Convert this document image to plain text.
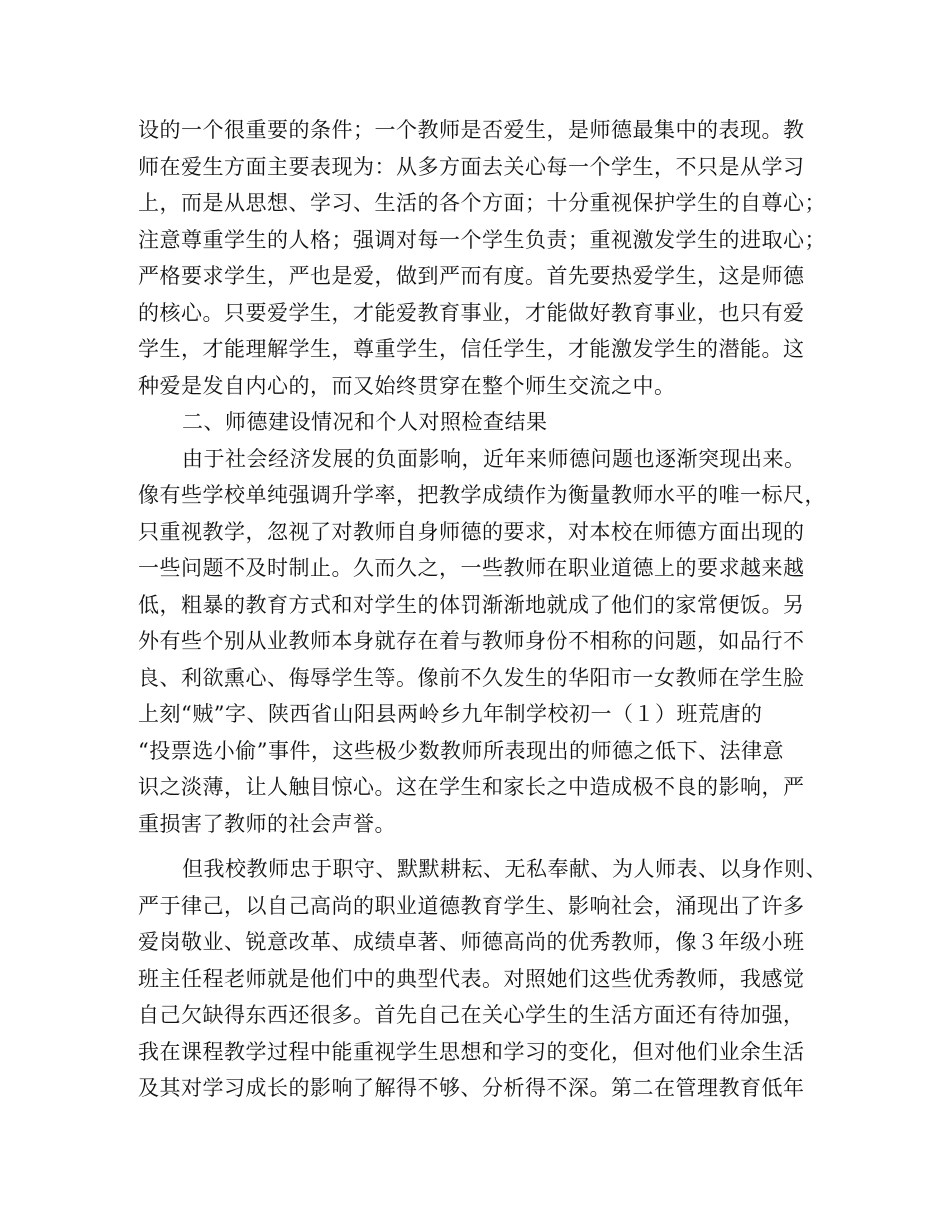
设的一个很重要的条件；一个教师是否爱生，是师德最集中的表现。教
师在爱生方面主要表现为：从多方面去关心每一个学生，不只是从学习
上，而是从思想、学习、生活的各个方面；十分重视保护学生的自尊心；
注意尊重学生的人格；强调对每一个学生负责；重视激发学生的进取心；
严格要求学生，严也是爱，做到严而有度。首先要热爱学生，这是师德
的核心。只要爱学生，才能爱教育事业，才能做好教育事业，也只有爱
学生，才能理解学生，尊重学生，信任学生，才能激发学生的潜能。这
种爱是发自内心的，而又始终贯穿在整个师生交流之中。
二、师德建设情况和个人对照检查结果
由于社会经济发展的负面影响，近年来师德问题也逐渐突现出来。
像有些学校单纯强调升学率，把教学成绩作为衡量教师水平的唯一标尺，
只重视教学，忽视了对教师自身师德的要求，对本校在师德方面出现的
一些问题不及时制止。久而久之，一些教师在职业道德上的要求越来越
低，粗暴的教育方式和对学生的体罚渐渐地就成了他们的家常便饭。另
外有些个别从业教师本身就存在着与教师身份不相称的问题，如品行不
良、利欲熏心、侮辱学生等。像前不久发生的华阳市一女教师在学生脸
上刻“贼”字、陕西省山阳县两岭乡九年制学校初一（１）班荒唐的
“投票选小偷”事件，这些极少数教师所表现出的师德之低下、法律意
识之淡薄，让人触目惊心。这在学生和家长之中造成极不良的影响，严
重损害了教师的社会声誉。
但我校教师忠于职守、默默耕耘、无私奉献、为人师表、以身作则、
严于律己，以自己高尚的职业道德教育学生、影响社会，涌现出了许多
爱岗敬业、锐意改革、成绩卓著、师德高尚的优秀教师，像３年级小班
班主任程老师就是他们中的典型代表。对照她们这些优秀教师，我感觉
自己欠缺得东西还很多。首先自己在关心学生的生活方面还有待加强，
我在课程教学过程中能重视学生思想和学习的变化，但对他们业余生活
及其对学习成长的影响了解得不够、分析得不深。第二在管理教育低年
